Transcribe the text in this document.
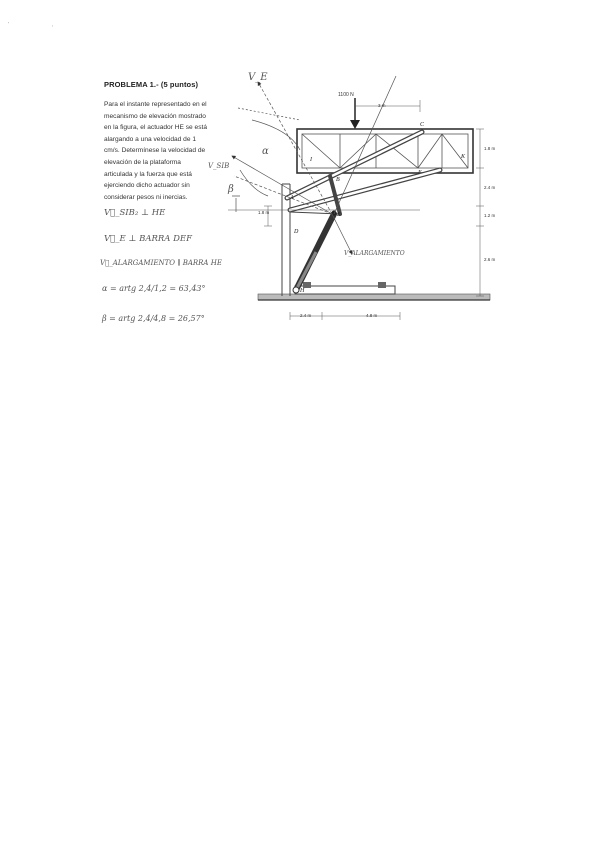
'	,
PROBLEMA 1.- (5 puntos)
Para el instante representado en el
mecanismo de elevación mostrado
en la figura, el actuador HE se está
alargando a una velocidad de 1
cm/s. Determínese la velocidad de
elevación de la plataforma
articulada y la fuerza que está
ejerciendo dicho actuador sin
considerar pesos ni inercias.
V⃗_SIB₂ ⊥ HE
V⃗_E ⊥ BARRA DEF
V⃗_ALARGAMIENTO ∥ BARRA HE
α = artg 2,4/1,2 = 63,43°
β = artg 2,4/4,8 = 26,57°
1100 N
3 m
1.8 m
2.4 m
1.2 m
2.6 m
1.8 m
2.4 m	4.8 m
A
B
C
D
E
F
H
I	K
V_E
V_SIB
V_ALARGAMIENTO
α
β
